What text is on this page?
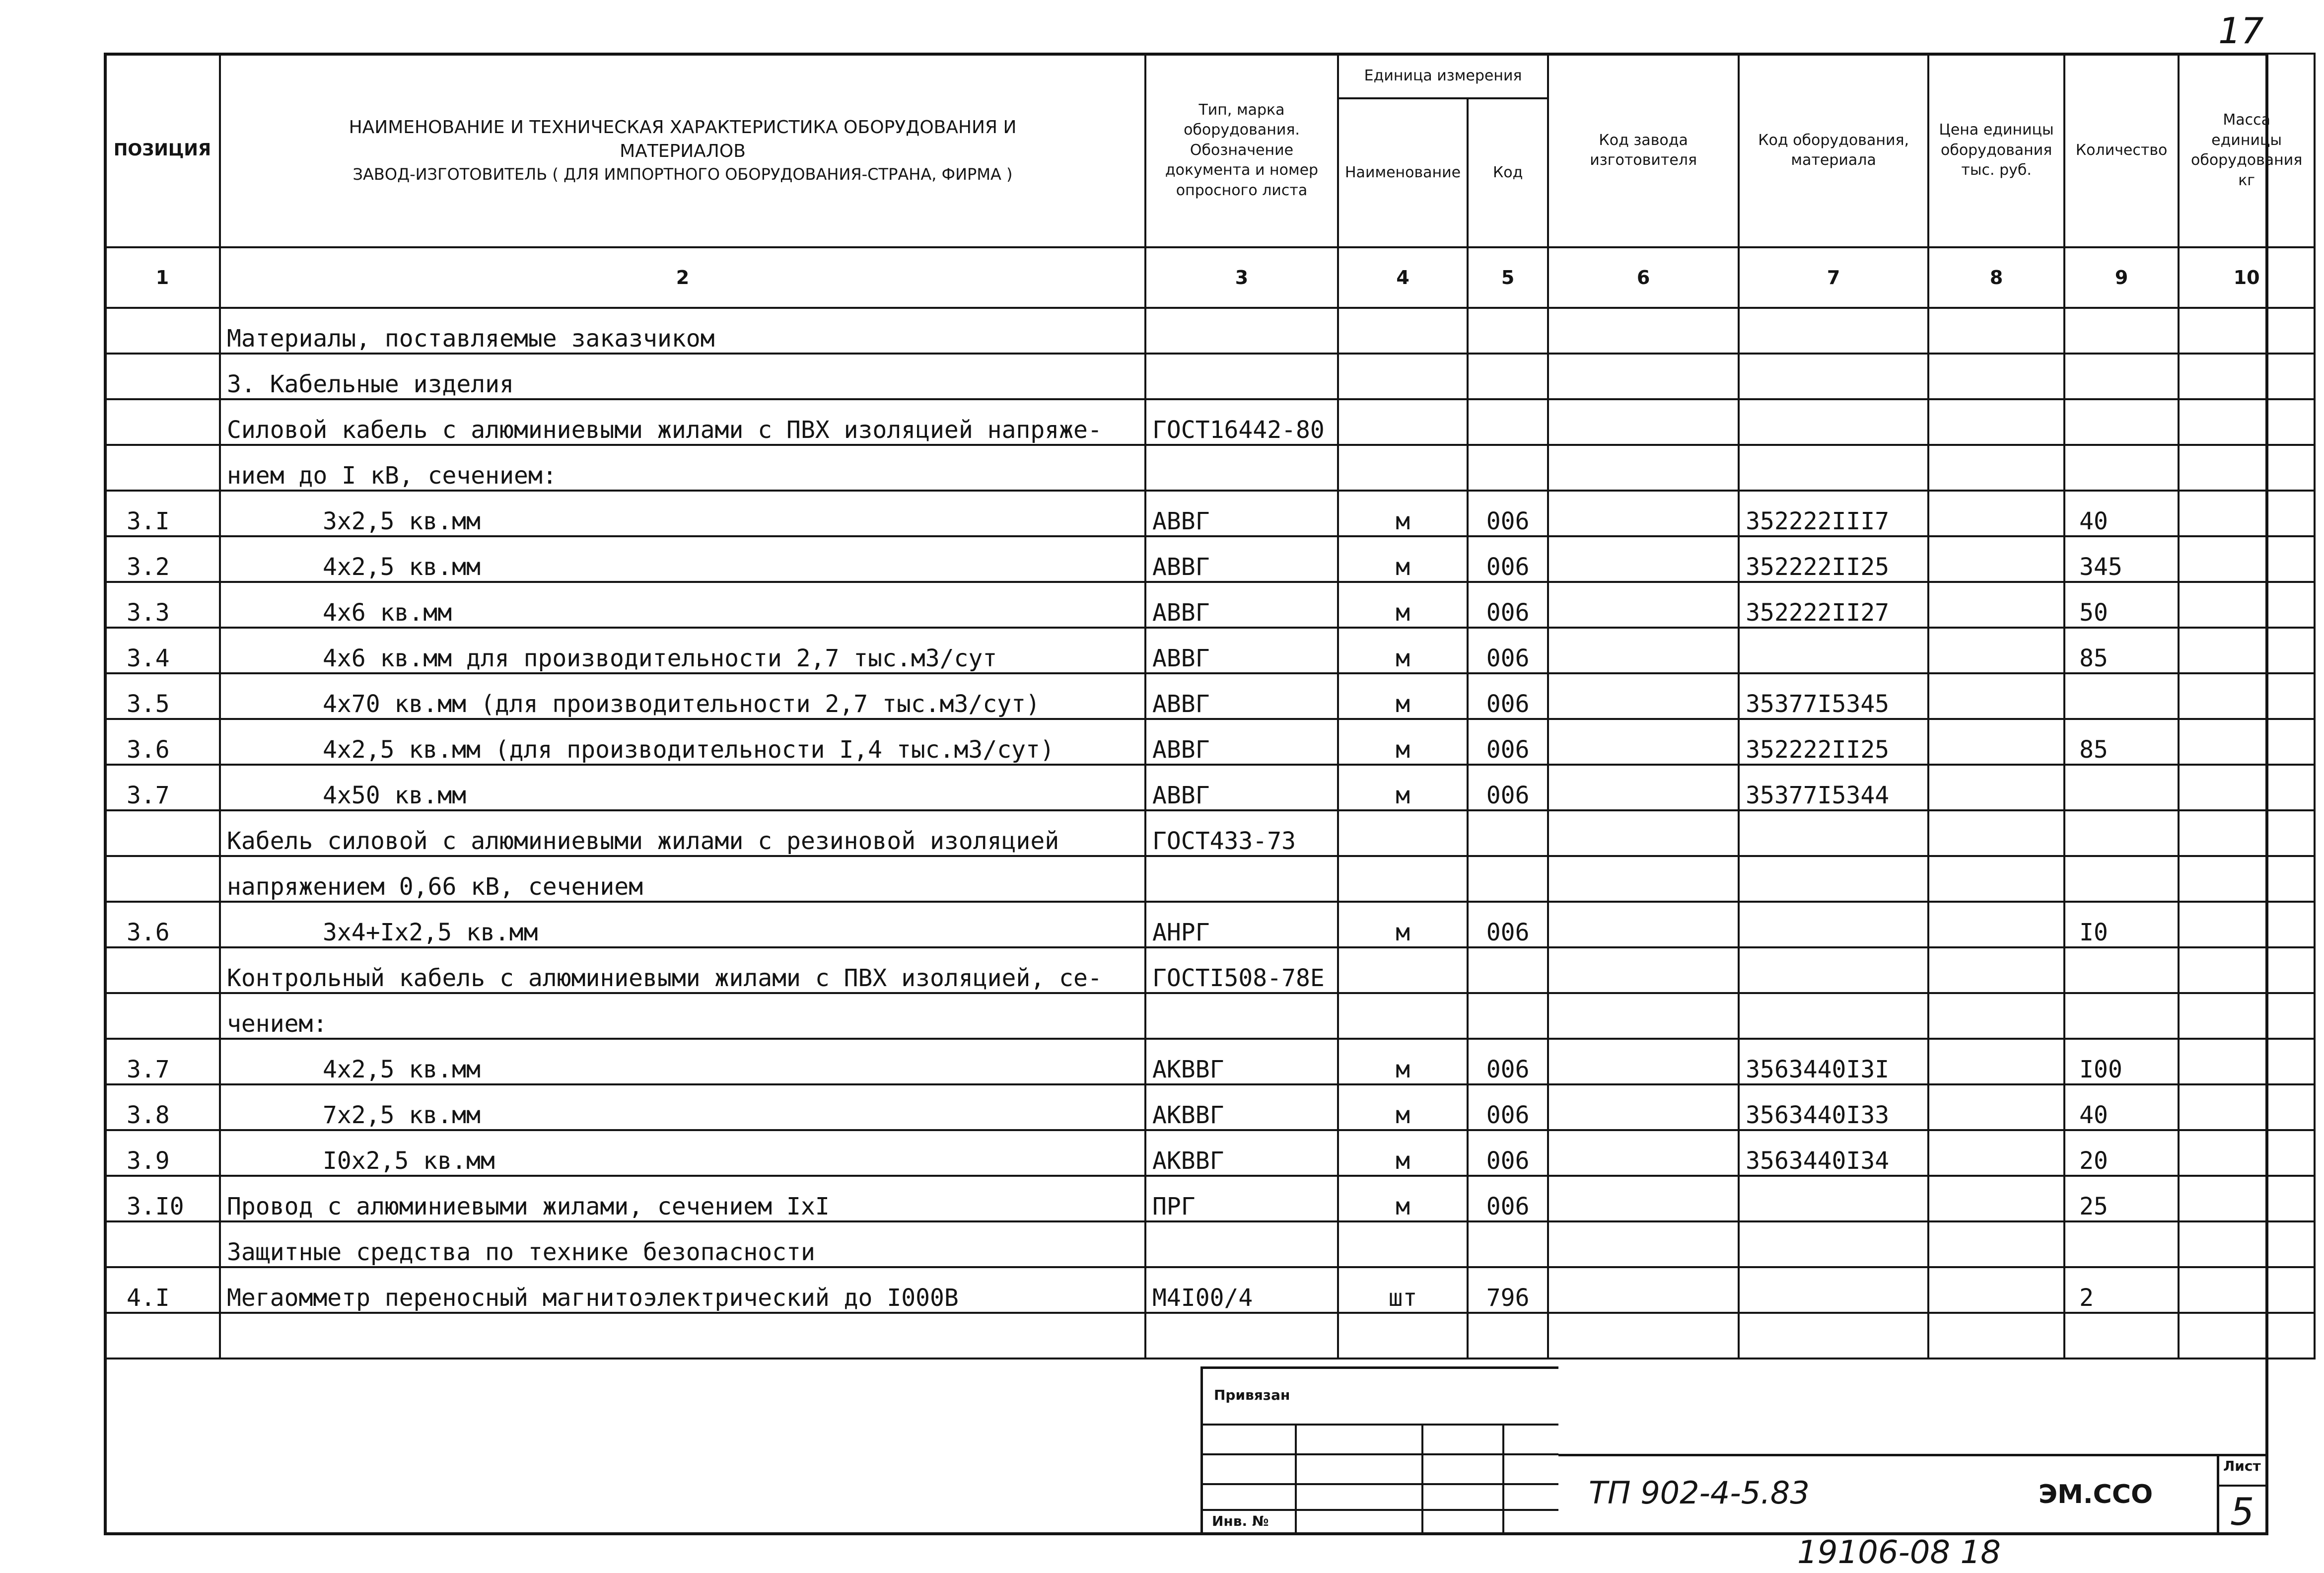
17
ПОЗИЦИЯ	НАИМЕНОВАНИЕ И ТЕХНИЧЕСКАЯ ХАРАКТЕРИСТИКА ОБОРУДОВАНИЯ И
МАТЕРИАЛОВ
ЗАВОД-ИЗГОТОВИТЕЛЬ ( ДЛЯ ИМПОРТНОГО ОБОРУДОВАНИЯ-СТРАНА, ФИРМА )	Тип, марка оборудования. Обозначение документа и номер опросного листа	Единица измерения		Код завода изготовителя	Код оборудования, материала	Цена единицы оборудования тыс. руб.	Количество	Масса единицы оборудования кг
			Наименование	Код					
1	2	3	4	5	6	7	8	9	10
	Материалы, поставляемые заказчиком								
	3. Кабельные изделия								
	Силовой кабель с алюминиевыми жилами с ПВХ изоляцией напряже-	ГОСТ16442-80							
	нием до I кВ, сечением:								
3.I	3х2,5 кв.мм	АВВГ	м	006		352222III7		40	
3.2	4х2,5 кв.мм	АВВГ	м	006		352222II25		345	
3.3	4х6 кв.мм	АВВГ	м	006		352222II27		50	
3.4	4х6 кв.мм для производительности 2,7 тыс.м3/сут	АВВГ	м	006				85	
3.5	4х70 кв.мм (для производительности 2,7 тыс.м3/сут)	АВВГ	м	006		35377I5345			
3.6	4х2,5 кв.мм (для производительности I,4 тыс.м3/сут)	АВВГ	м	006		352222II25		85	
3.7	4х50 кв.мм	АВВГ	м	006		35377I5344			
	Кабель силовой с алюминиевыми жилами с резиновой изоляцией	ГОСТ433-73							
	напряжением 0,66 кВ, сечением								
3.6	3х4+Iх2,5 кв.мм	АНРГ	м	006				I0	
	Контрольный кабель с алюминиевыми жилами с ПВХ изоляцией, се-	ГОСТI508-78Е							
	чением:								
3.7	4х2,5 кв.мм	АКВВГ	м	006		3563440I3I		I00	
3.8	7х2,5 кв.мм	АКВВГ	м	006		3563440I33		40	
3.9	I0х2,5 кв.мм	АКВВГ	м	006		3563440I34		20	
3.I0	Провод с алюминиевыми жилами, сечением IхI	ПРГ	м	006				25	
	Защитные средства по технике безопасности								
4.I	Мегаомметр переносный магнитоэлектрический до I000В	М4I00/4	шт	796				2	

Привязан
Инв. №
ТП 902-4-5.83	ЭМ.ССО
Лист
5
19106-08 18
